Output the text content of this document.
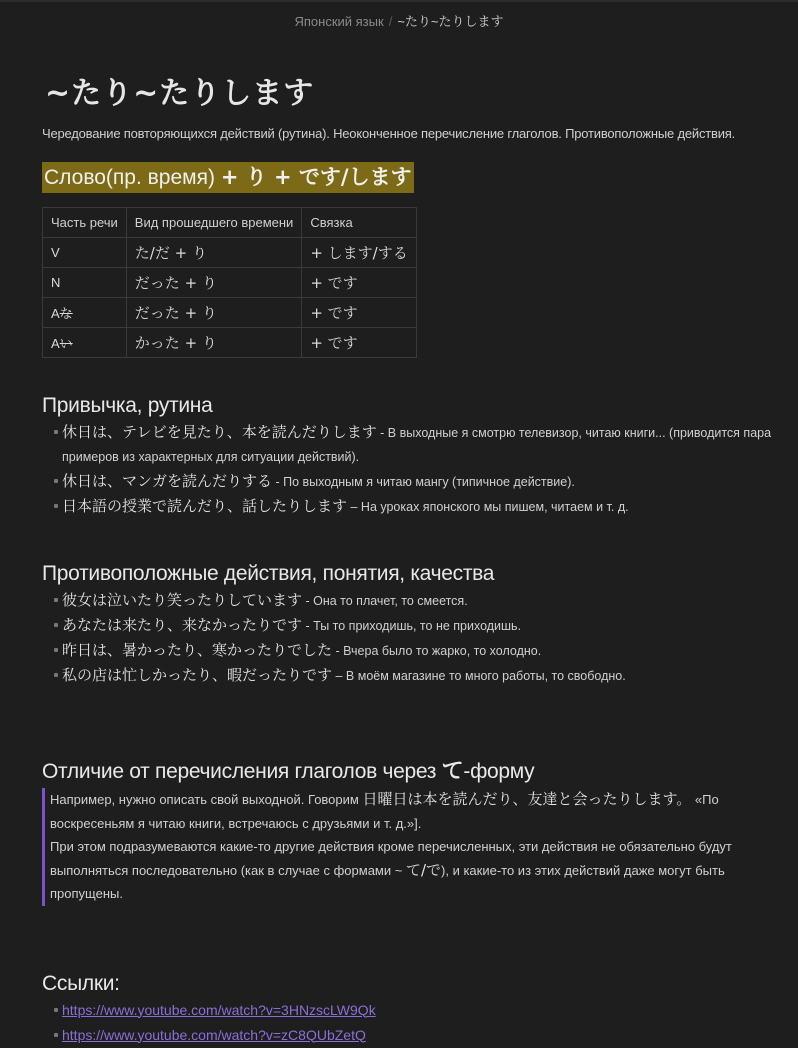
Японский язык / ~たり~たりします
~たり~たりします
Чередование повторяющихся действий (рутина). Неоконченное перечисление глаголов. Противоположные действия.
Слово(пр. время) + り + です/します
Часть речи	Вид прошедшего времени	Связка
V	た/だ + り	+ します/する
N	だった + り	+ です
Aな	だった + り	+ です
Aい	かった + り	+ です
Привычка, рутина
休日は、テレビを見たり、本を読んだりします - В выходные я смотрю телевизор, читаю книги... (приводится пара примеров из характерных для ситуации действий).
休日は、マンガを読んだりする - По выходным я читаю мангу (типичное действие).
日本語の授業で読んだり、話したりします – На уроках японского мы пишем, читаем и т. д.
Противоположные действия, понятия, качества
彼女は泣いたり笑ったりしています - Она то плачет, то смеется.
あなたは来たり、来なかったりです - Ты то приходишь, то не приходишь.
昨日は、暑かったり、寒かったりでした - Вчера было то жарко, то холодно.
私の店は忙しかったり、暇だったりです – В моём магазине то много работы, то свободно.
Отличие от перечисления глаголов через て-форму
Например, нужно описать свой выходной. Говорим 日曜日は本を読んだり、友達と会ったりします。 «По воскресеньям я читаю книги, встречаюсь с друзьями и т. д.»].
При этом подразумеваются какие-то другие действия кроме перечисленных, эти действия не обязательно будут выполняться последовательно (как в случае с формами ~ て/で), и какие-то из этих действий даже могут быть пропущены.
Ссылки:
https://www.youtube.com/watch?v=3HNzscLW9Qk
https://www.youtube.com/watch?v=zC8QUbZetQ
